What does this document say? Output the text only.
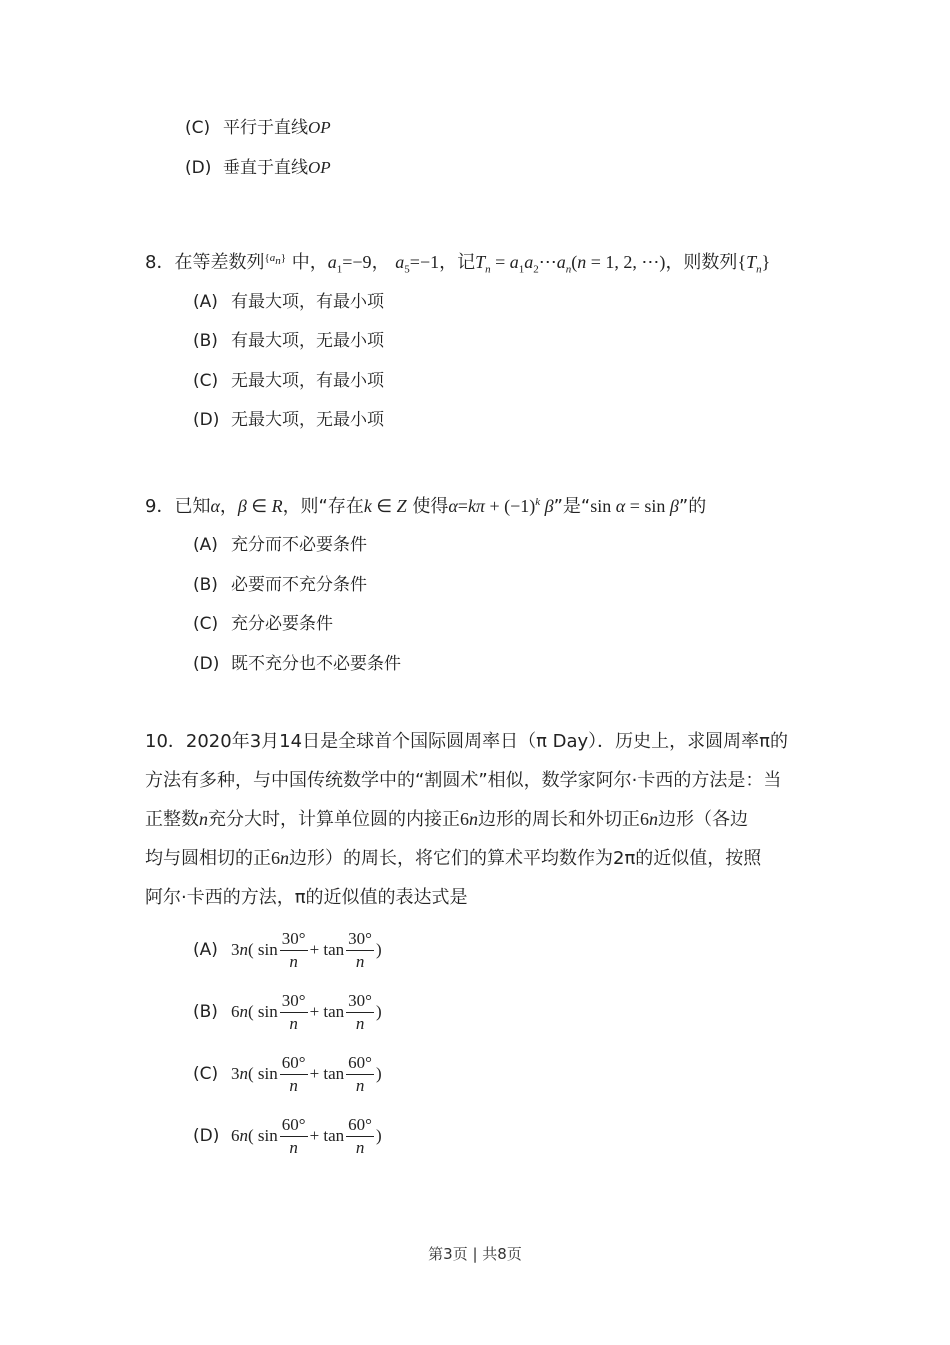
(C) 平行于直线OP
(D) 垂直于直线OP
8．在等差数列$^{\{a_n\}}$ 中，$a_1=-9$， $a_5=-1$，记$T_n$ = $a_1a_2\cdots a_n(n = 1$, 2, ⋯)，则数列$\{T_n\}$
(A) 有最大项，有最小项
(B) 有最大项，无最小项
(C) 无最大项，有最小项
(D) 无最大项，无最小项
9．已知α，β ∈ R，则“存在k ∈ Z 使得$\alpha=k\pi + (-1)^k$ β”是“sin α = sin β”的
(A) 充分而不必要条件
(B) 必要而不充分条件
(C) 充分必要条件
(D) 既不充分也不必要条件
10．2020年3月14日是全球首个国际圆周率日（π Day）．历史上，求圆周率π的
方法有多种，与中国传统数学中的“割圆术”相似，数学家阿尔·卡西的方法是：当
正整数n充分大时，计算单位圆的内接正6n边形的周长和外切正6n边形（各边
均与圆相切的正6n边形）的周长，将它们的算术平均数作为2π的近似值，按照
阿尔·卡西的方法，π的近似值的表达式是
(A) 3n( $\sin \frac{30^\circ}{n} + \tan \frac{30^\circ}{n}$ )
(B) 6n( $\sin \frac{30^\circ}{n} + \tan \frac{30^\circ}{n}$ )
(C) 3n( $\sin \frac{60^\circ}{n} + \tan \frac{60^\circ}{n}$ )
(D) 6n( $\sin \frac{60^\circ}{n} + \tan \frac{60^\circ}{n}$ )
第3页 | 共8页
